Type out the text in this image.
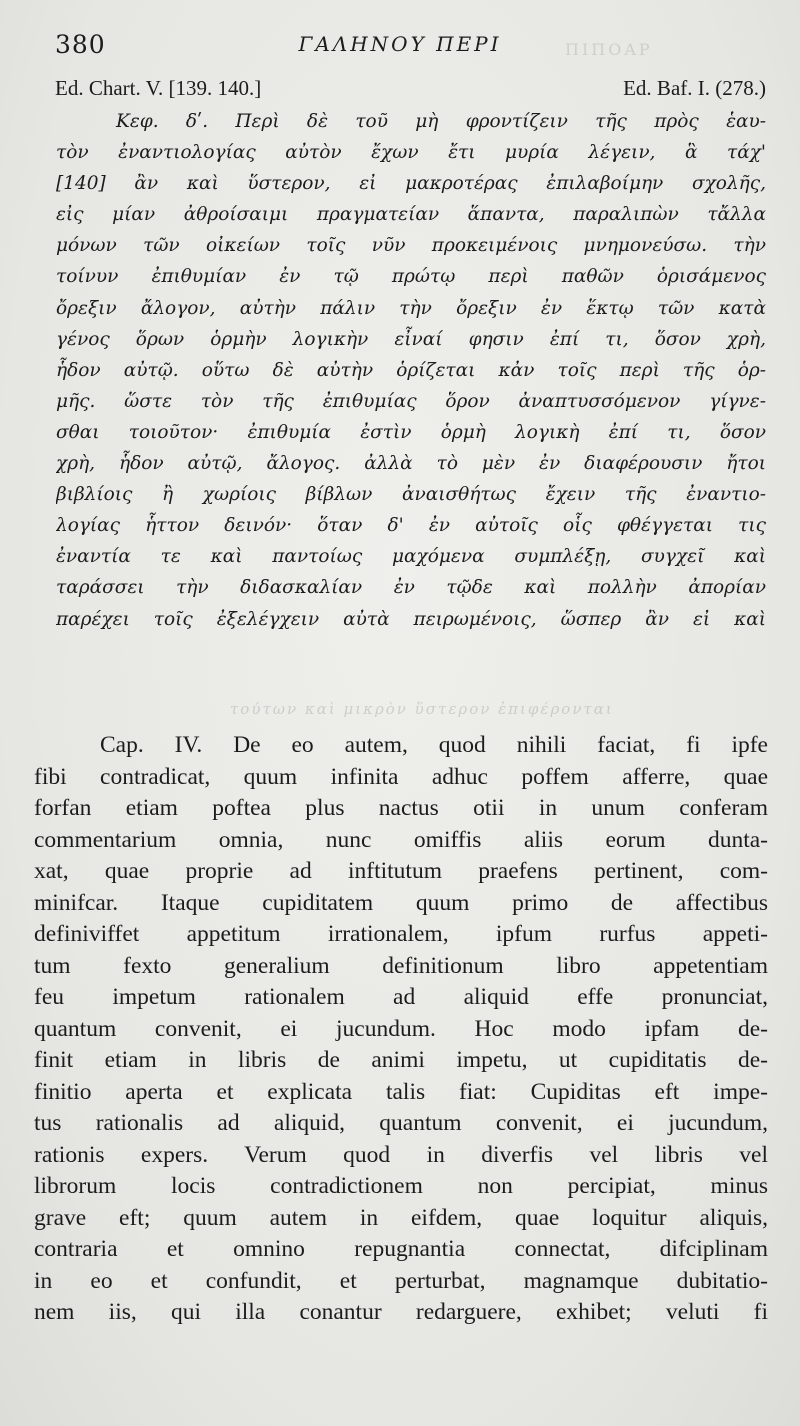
ΠΙΠΟΑΡ
380	ΓΑΛΗΝΟΥ ΠΕΡΙ
Ed. Chart. V. [139. 140.]	Ed. Baf. I. (278.)
Κεφ. δʹ. Περὶ δὲ τοῦ μὴ φροντίζειν τῆς πρὸς ἑαυ-
τὸν ἐναντιολογίας αὐτὸν ἔχων ἔτι μυρία λέγειν, ἃ τάχ'
[140] ἂν καὶ ὕστερον, εἰ μακροτέρας ἐπιλαβοίμην σχολῆς,
εἰς μίαν ἀθροίσαιμι πραγματείαν ἅπαντα, παραλιπὼν τἄλλα
μόνων τῶν οἰκείων τοῖς νῦν προκειμένοις μνημονεύσω. τὴν
τοίνυν ἐπιθυμίαν ἐν τῷ πρώτῳ περὶ παθῶν ὁρισάμενος
ὄρεξιν ἄλογον, αὐτὴν πάλιν τὴν ὄρεξιν ἐν ἕκτῳ τῶν κατὰ
γένος ὅρων ὁρμὴν λογικὴν εἶναί φησιν ἐπί τι, ὅσον χρὴ,
ἧδον αὐτῷ. οὕτω δὲ αὐτὴν ὁρίζεται κἀν τοῖς περὶ τῆς ὁρ-
μῆς. ὥστε τὸν τῆς ἐπιθυμίας ὅρον ἀναπτυσσόμενον γίγνε-
σθαι τοιοῦτον· ἐπιθυμία ἐστὶν ὁρμὴ λογικὴ ἐπί τι, ὅσον
χρὴ, ἧδον αὐτῷ, ἄλογος. ἀλλὰ τὸ μὲν ἐν διαφέρουσιν ἤτοι
βιβλίοις ἢ χωρίοις βίβλων ἀναισθήτως ἔχειν τῆς ἐναντιο-
λογίας ἧττον δεινόν· ὅταν δ' ἐν αὐτοῖς οἷς φθέγγεται τις
ἐναντία τε καὶ παντοίως μαχόμενα συμπλέξῃ, συγχεῖ καὶ
ταράσσει τὴν διδασκαλίαν ἐν τῷδε καὶ πολλὴν ἀπορίαν
παρέχει τοῖς ἐξελέγχειν αὐτὰ πειρωμένοις, ὥσπερ ἂν εἰ καὶ
τούτων καὶ μικρὸν ὕστερον ἐπιφέρονται
Cap. IV. De eo autem, quod nihili faciat, fi ipfe
fibi contradicat, quum infinita adhuc poffem afferre, quae
forfan etiam poftea plus nactus otii in unum conferam
commentarium omnia, nunc omiffis aliis eorum dunta-
xat, quae proprie ad inftitutum praefens pertinent, com-
minifcar. Itaque cupiditatem quum primo de affectibus
definiviffet appetitum irrationalem, ipfum rurfus appeti-
tum fexto generalium definitionum libro appetentiam
feu impetum rationalem ad aliquid effe pronunciat,
quantum convenit, ei jucundum. Hoc modo ipfam de-
finit etiam in libris de animi impetu, ut cupiditatis de-
finitio aperta et explicata talis fiat: Cupiditas eft impe-
tus rationalis ad aliquid, quantum convenit, ei jucundum,
rationis expers. Verum quod in diverfis vel libris vel
librorum locis contradictionem non percipiat, minus
grave eft; quum autem in eifdem, quae loquitur aliquis,
contraria et omnino repugnantia connectat, difciplinam
in eo et confundit, et perturbat, magnamque dubitatio-
nem iis, qui illa conantur redarguere, exhibet; veluti fi
